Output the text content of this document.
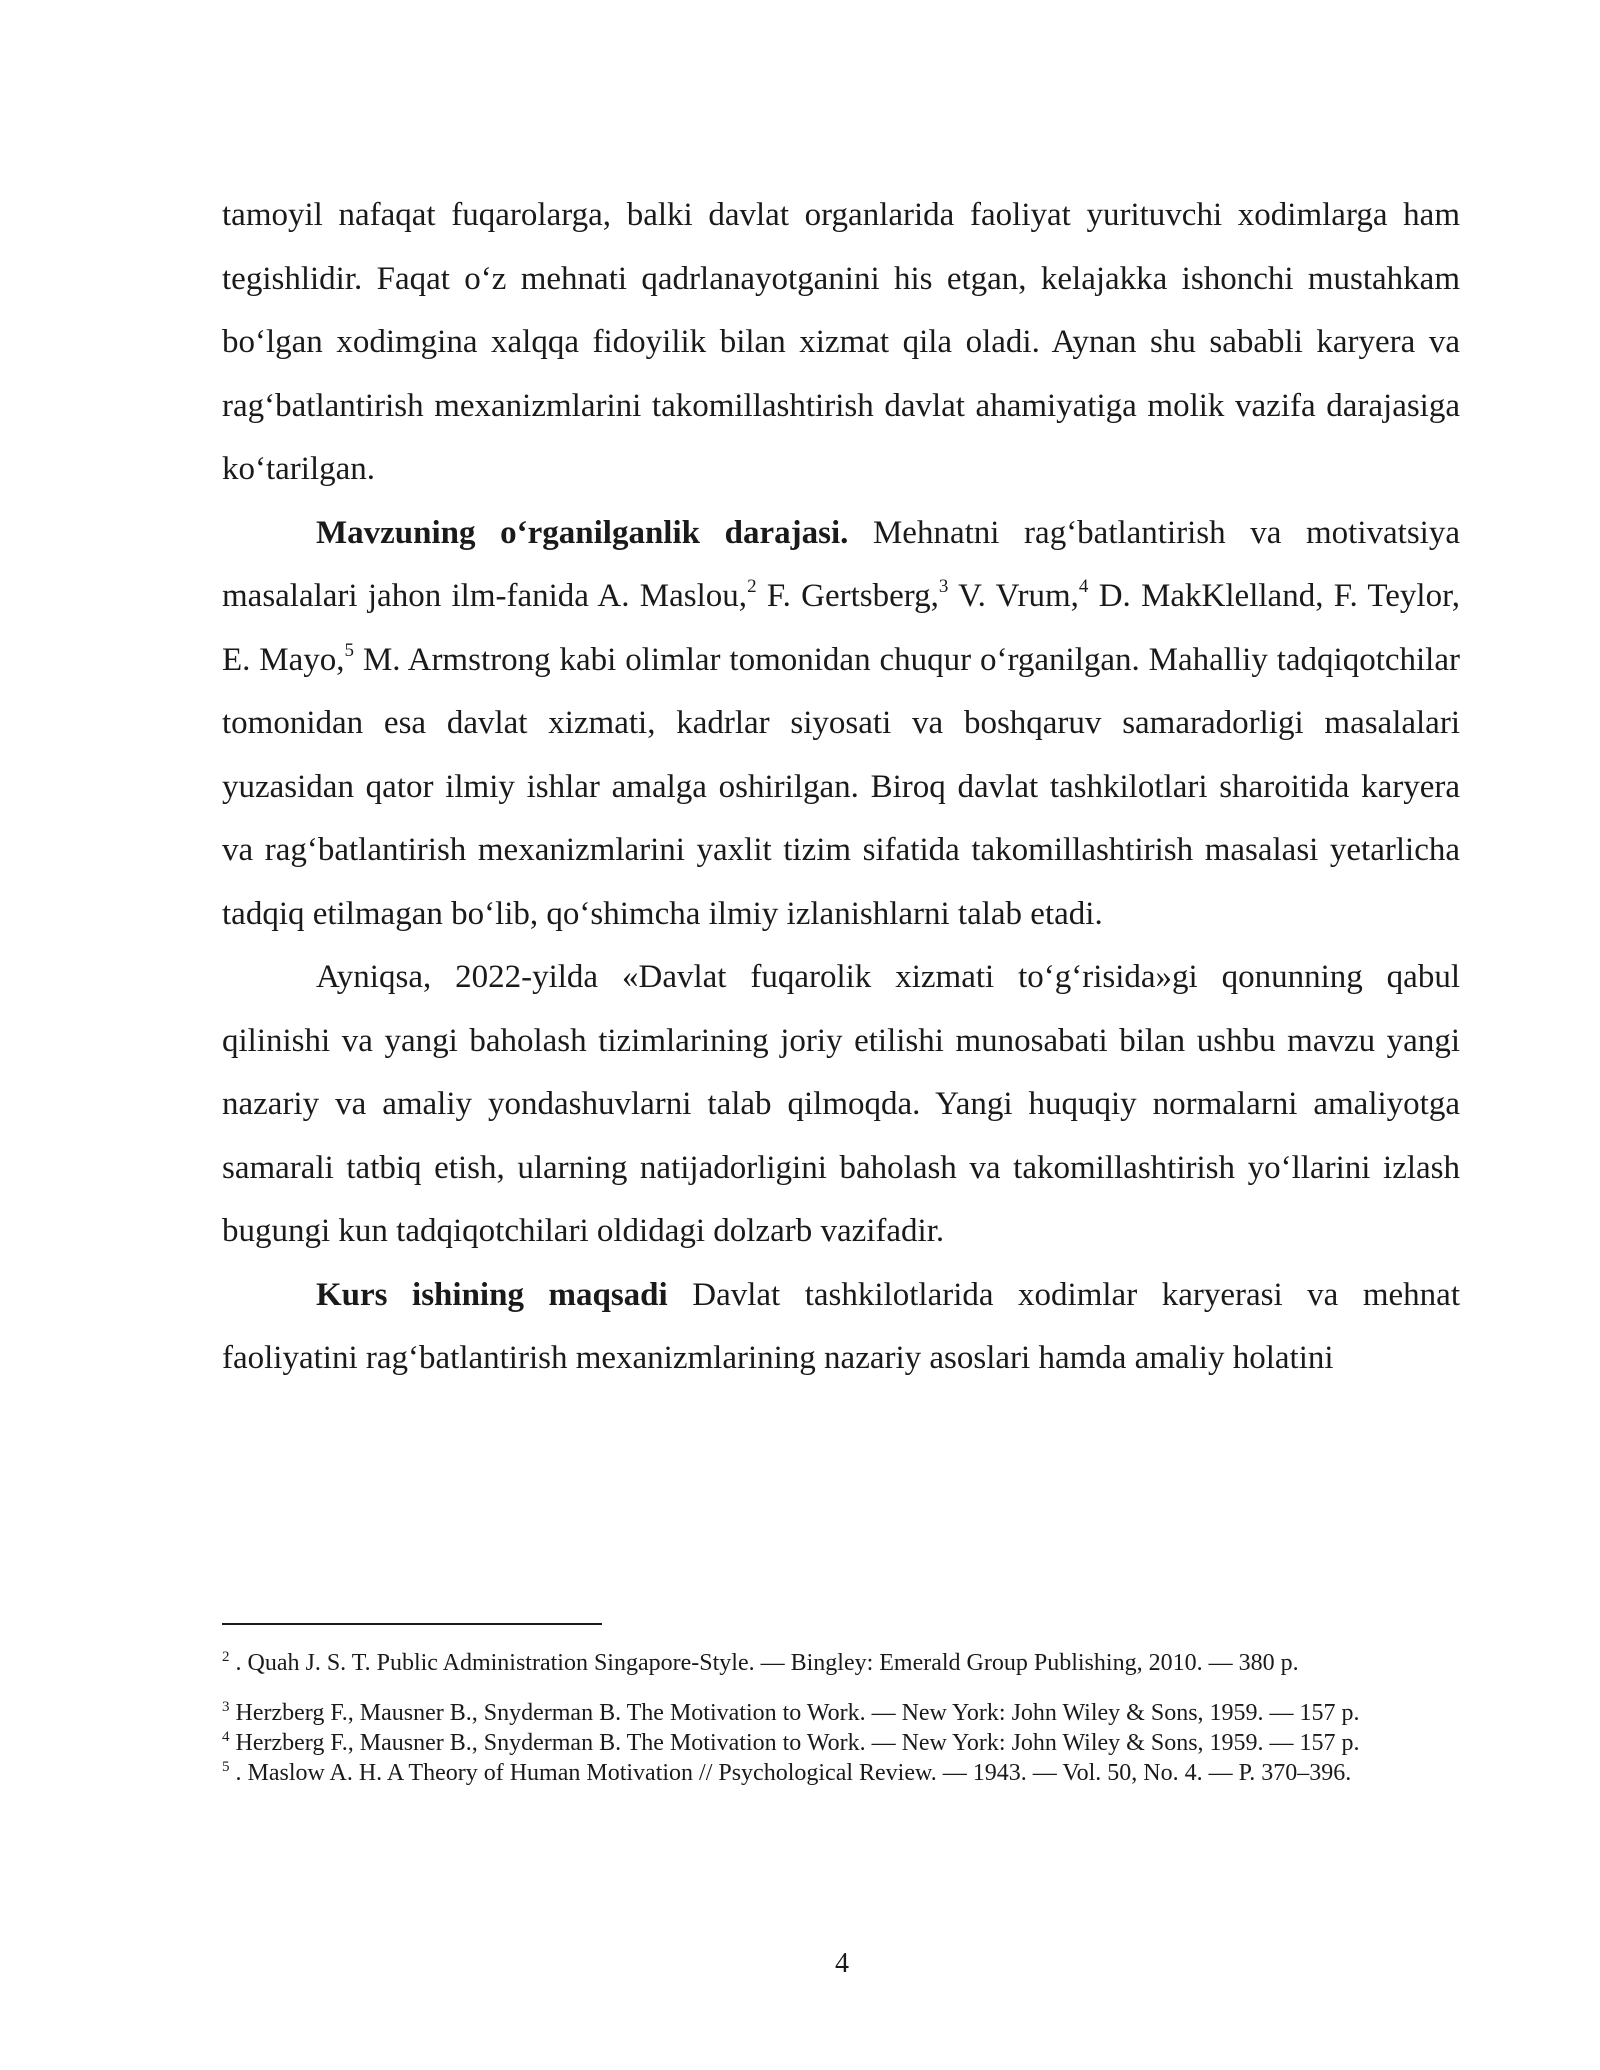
tamoyil nafaqat fuqarolarga, balki davlat organlarida faoliyat yurituvchi xodimlarga ham tegishlidir. Faqat o‘z mehnati qadrlanayotganini his etgan, kelajakka ishonchi mustahkam bo‘lgan xodimgina xalqqa fidoyilik bilan xizmat qila oladi. Aynan shu sababli karyera va rag‘batlantirish mexanizmlarini takomillashtirish davlat ahamiyatiga molik vazifa darajasiga ko‘tarilgan.

Mavzuning o‘rganilganlik darajasi. Mehnatni rag‘batlantirish va motivatsiya masalalari jahon ilm-fanida A. Maslou,$^2$ F. Gertsberg,$^3$ V. Vrum,$^4$ D. MakKlelland, F. Teylor, E. Mayo,$^5$ M. Armstrong kabi olimlar tomonidan chuqur o‘rganilgan. Mahalliy tadqiqotchilar tomonidan esa davlat xizmati, kadrlar siyosati va boshqaruv samaradorligi masalalari yuzasidan qator ilmiy ishlar amalga oshirilgan. Biroq davlat tashkilotlari sharoitida karyera va rag‘batlantirish mexanizmlarini yaxlit tizim sifatida takomillashtirish masalasi yetarlicha tadqiq etilmagan bo‘lib, qo‘shimcha ilmiy izlanishlarni talab etadi.

Ayniqsa, 2022-yilda «Davlat fuqarolik xizmati to‘g‘risida»gi qonunning qabul qilinishi va yangi baholash tizimlarining joriy etilishi munosabati bilan ushbu mavzu yangi nazariy va amaliy yondashuvlarni talab qilmoqda. Yangi huquqiy normalarni amaliyotga samarali tatbiq etish, ularning natijadorligini baholash va takomillashtirish yo‘llarini izlash bugungi kun tadqiqotchilari oldidagi dolzarb vazifadir.

Kurs ishining maqsadi Davlat tashkilotlarida xodimlar karyerasi va mehnat faoliyatini rag‘batlantirish mexanizmlarining nazariy asoslari hamda amaliy holatini

$^2$ . Quah J. S. T. Public Administration Singapore-Style. — Bingley: Emerald Group Publishing, 2010. — 380 p.

$^3$ Herzberg F., Mausner B., Snyderman B. The Motivation to Work. — New York: John Wiley & Sons, 1959. — 157 p.

$^4$ Herzberg F., Mausner B., Snyderman B. The Motivation to Work. — New York: John Wiley & Sons, 1959. — 157 p.

$^5$ . Maslow A. H. A Theory of Human Motivation // Psychological Review. — 1943. — Vol. 50, No. 4. — P. 370–396.

4
